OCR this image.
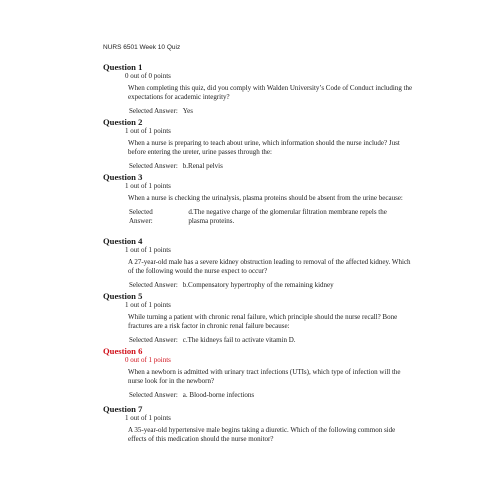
NURS 6501 Week 10 Quiz
Question 1
0 out of 0 points
When completing this quiz, did you comply with Walden University’s Code of Conduct including the expectations for academic integrity?
Selected Answer: Yes
Question 2
1 out of 1 points
When a nurse is preparing to teach about urine, which information should the nurse include? Just before entering the ureter, urine passes through the:
Selected Answer: b.Renal pelvis
Question 3
1 out of 1 points
When a nurse is checking the urinalysis, plasma proteins should be absent from the urine because:
Selected Answer:
d.The negative charge of the glomerular filtration membrane repels the plasma proteins.
Question 4
1 out of 1 points
A 27-year-old male has a severe kidney obstruction leading to removal of the affected kidney. Which of the following would the nurse expect to occur?
Selected Answer: b.Compensatory hypertrophy of the remaining kidney
Question 5
1 out of 1 points
While turning a patient with chronic renal failure, which principle should the nurse recall? Bone fractures are a risk factor in chronic renal failure because:
Selected Answer: c.The kidneys fail to activate vitamin D.
Question 6
0 out of 1 points
When a newborn is admitted with urinary tract infections (UTIs), which type of infection will the nurse look for in the newborn?
Selected Answer: a. Blood-borne infections
Question 7
1 out of 1 points
A 35-year-old hypertensive male begins taking a diuretic. Which of the following common side effects of this medication should the nurse monitor?
